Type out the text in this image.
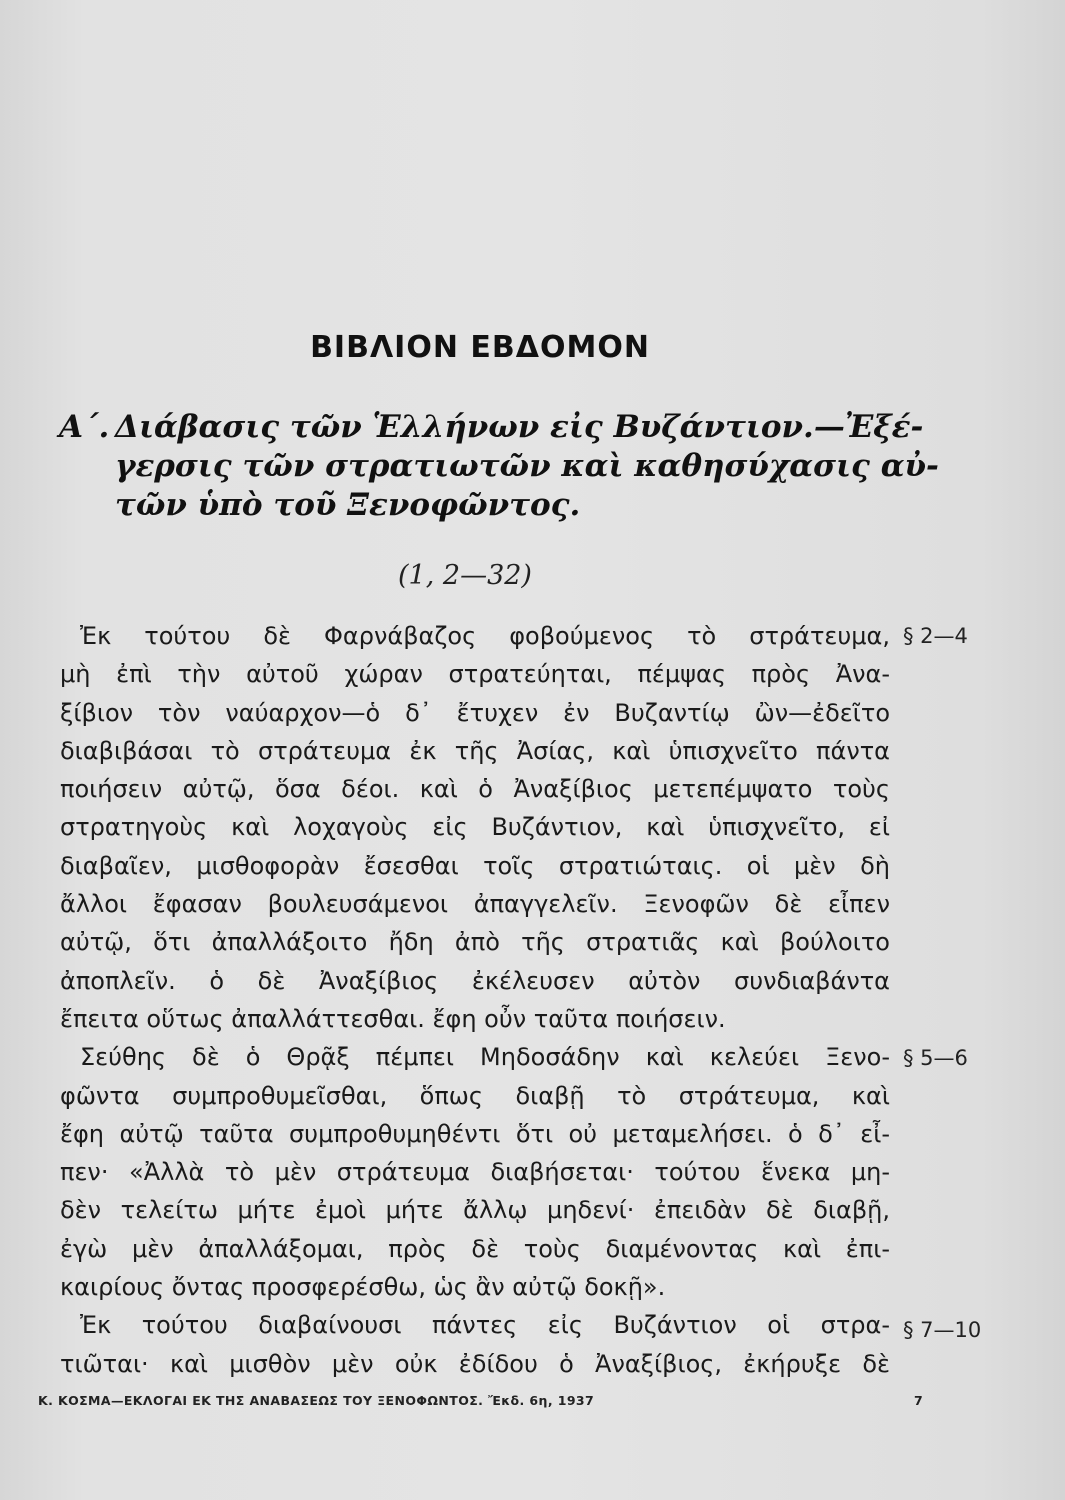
ΒΙΒΛΙΟΝ ΕΒΔΟΜΟΝ
Α΄. Διάβασις τῶν Ἑλλήνων εἰς Βυζάντιον.—Ἐξέ-
γερσις τῶν στρατιωτῶν καὶ καθησύχασις αὐ-
τῶν ὑπὸ τοῦ Ξενοφῶντος.
(1, 2—32)
Ἐκ τούτου δὲ Φαρνάβαζος φοβούμενος τὸ στράτευμα,
μὴ ἐπὶ τὴν αὐτοῦ χώραν στρατεύηται, πέμψας πρὸς Ἀνα-
ξίβιον τὸν ναύαρχον—ὁ δ᾽ ἔτυχεν ἐν Βυζαντίῳ ὢν—ἐδεῖτο
διαβιβάσαι τὸ στράτευμα ἐκ τῆς Ἀσίας, καὶ ὑπισχνεῖτο πάντα
ποιήσειν αὐτῷ, ὅσα δέοι. καὶ ὁ Ἀναξίβιος μετεπέμψατο τοὺς
στρατηγοὺς καὶ λοχαγοὺς εἰς Βυζάντιον, καὶ ὑπισχνεῖτο, εἰ
διαβαῖεν, μισθοφορὰν ἔσεσθαι τοῖς στρατιώταις. οἱ μὲν δὴ
ἄλλοι ἔφασαν βουλευσάμενοι ἀπαγγελεῖν. Ξενοφῶν δὲ εἶπεν
αὐτῷ, ὅτι ἀπαλλάξοιτο ἤδη ἀπὸ τῆς στρατιᾶς καὶ βούλοιτο
ἀποπλεῖν. ὁ δὲ Ἀναξίβιος ἐκέλευσεν αὐτὸν συνδιαβάντα
ἔπειτα οὕτως ἀπαλλάττεσθαι. ἔφη οὖν ταῦτα ποιήσειν.
Σεύθης δὲ ὁ Θρᾷξ πέμπει Μηδοσάδην καὶ κελεύει Ξενο-
φῶντα συμπροθυμεῖσθαι, ὅπως διαβῇ τὸ στράτευμα, καὶ
ἔφη αὐτῷ ταῦτα συμπροθυμηθέντι ὅτι οὐ μεταμελήσει. ὁ δ᾽ εἶ-
πεν· «Ἀλλὰ τὸ μὲν στράτευμα διαβήσεται· τούτου ἕνεκα μη-
δὲν τελείτω μήτε ἐμοὶ μήτε ἄλλῳ μηδενί· ἐπειδὰν δὲ διαβῇ,
ἐγὼ μὲν ἀπαλλάξομαι, πρὸς δὲ τοὺς διαμένοντας καὶ ἐπι-
καιρίους ὄντας προσφερέσθω, ὡς ἂν αὐτῷ δοκῇ».
Ἐκ τούτου διαβαίνουσι πάντες εἰς Βυζάντιον οἱ στρα-
τιῶται· καὶ μισθὸν μὲν οὐκ ἐδίδου ὁ Ἀναξίβιος, ἐκήρυξε δὲ
§ 2—4
§ 5—6
§ 7—10
Κ. ΚΟΣΜΑ—ΕΚΛΟΓΑΙ ΕΚ ΤΗΣ ΑΝΑΒΑΣΕΩΣ ΤΟΥ ΞΕΝΟΦΩΝΤΟΣ. Ἔκδ. 6η, 1937	7
